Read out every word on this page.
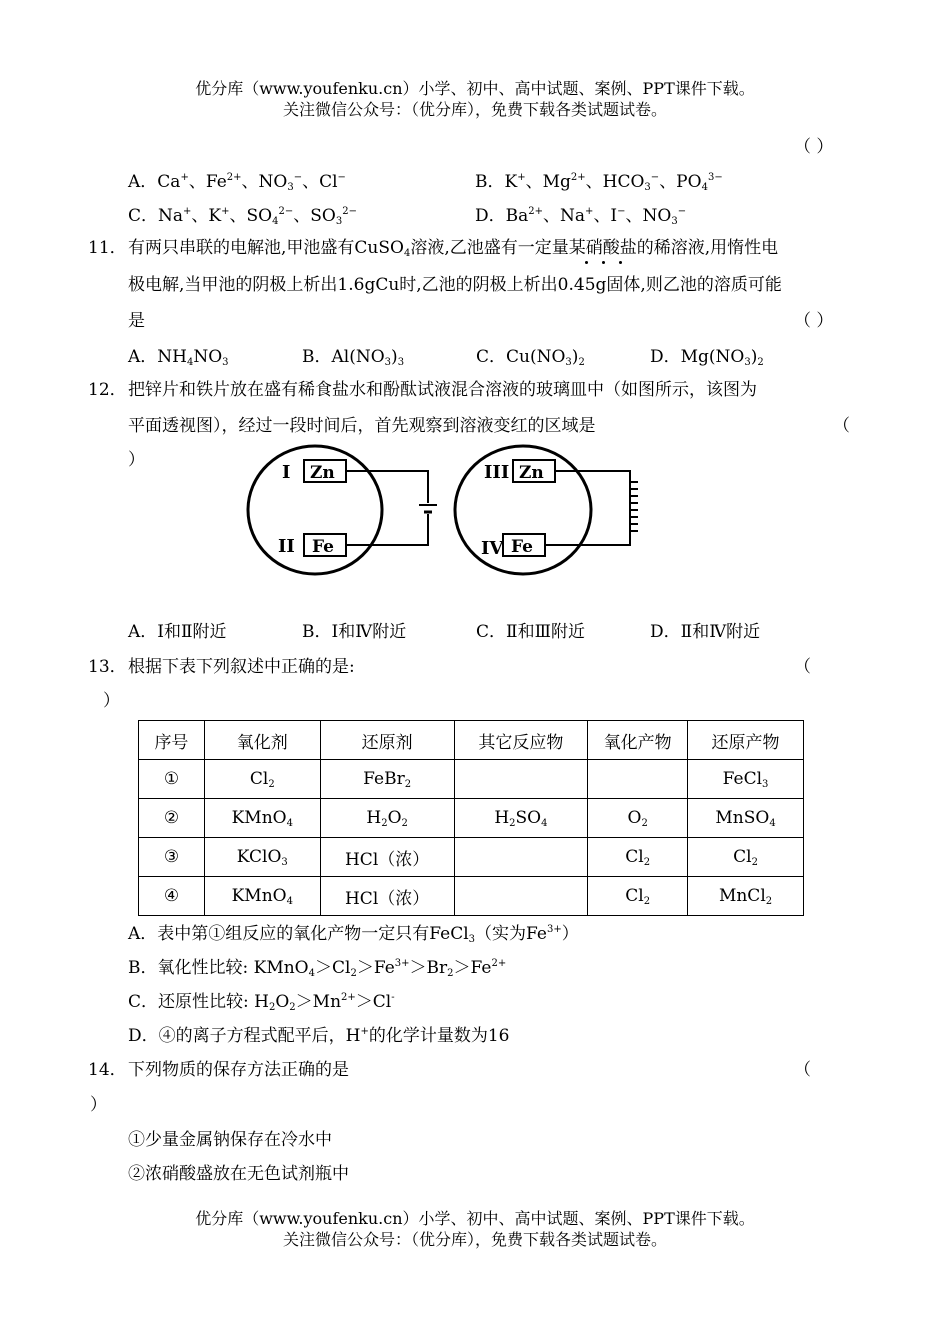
优分库（www.youfenku.cn）小学、初中、高中试题、案例、PPT课件下载。
关注微信公众号：（优分库），免费下载各类试题试卷。
（ ）
A．Ca+、$Fe^{2+}$、$NO_3^-$、Cl−	B．K+、$Mg^{2+}$、$HCO_3^-$、$PO_4^{3-}$
C．Na+、K+、$SO_4^{2-}$、$SO_3^{2-}$	D．$Ba^{2+}$、Na+、I−、$NO_3^-$
11． 有两只串联的电解池,甲池盛有CuSO$_4$溶液,乙池盛有一定量某硝酸盐的稀溶液,用惰性电
极电解,当甲池的阴极上析出1.6gCu时,乙池的阴极上析出0.45g固体,则乙池的溶质可能
是	（ ）
A．$NH_4NO_3$	B．$Al(NO_3)_3$	C．$Cu(NO_3)_2$	D．$Mg(NO_3)_2$
12． 把锌片和铁片放在盛有稀食盐水和酚酞试液混合溶液的玻璃皿中（如图所示，该图为
平面透视图），经过一段时间后，首先观察到溶液变红的区域是	（
）
I Zn
II Fe
III Zn
IV Fe
A．Ⅰ和Ⅱ附近	B．Ⅰ和Ⅳ附近	C．Ⅱ和Ⅲ附近	D．Ⅱ和Ⅳ附近
13． 根据下表下列叙述中正确的是:	（
）
序号	氧化剂	还原剂	其它反应物	氧化产物	还原产物
①	$Cl_2$	FeBr$_2$			FeCl$_3$
②	KMnO$_4$	$H_2O_2$	$H_2SO_4$	$O_2$	MnSO$_4$
③	KClO$_3$	HCl（浓）		$Cl_2$	$Cl_2$
④	KMnO$_4$	HCl（浓）		$Cl_2$	MnCl$_2$
A．表中第①组反应的氧化产物一定只有FeCl$_3$（实为$Fe^{3+}$）
B．氧化性比较: $KMnO_4>Cl_2>Fe^{3+}>Br_2>Fe^{2+}$
C．还原性比较: $H_2O_2>Mn^{2+}>Cl^-$
D．④的离子方程式配平后，H+的化学计量数为16
14． 下列物质的保存方法正确的是	（
）
①少量金属钠保存在冷水中
②浓硝酸盛放在无色试剂瓶中
优分库（www.youfenku.cn）小学、初中、高中试题、案例、PPT课件下载。
关注微信公众号：（优分库），免费下载各类试题试卷。
